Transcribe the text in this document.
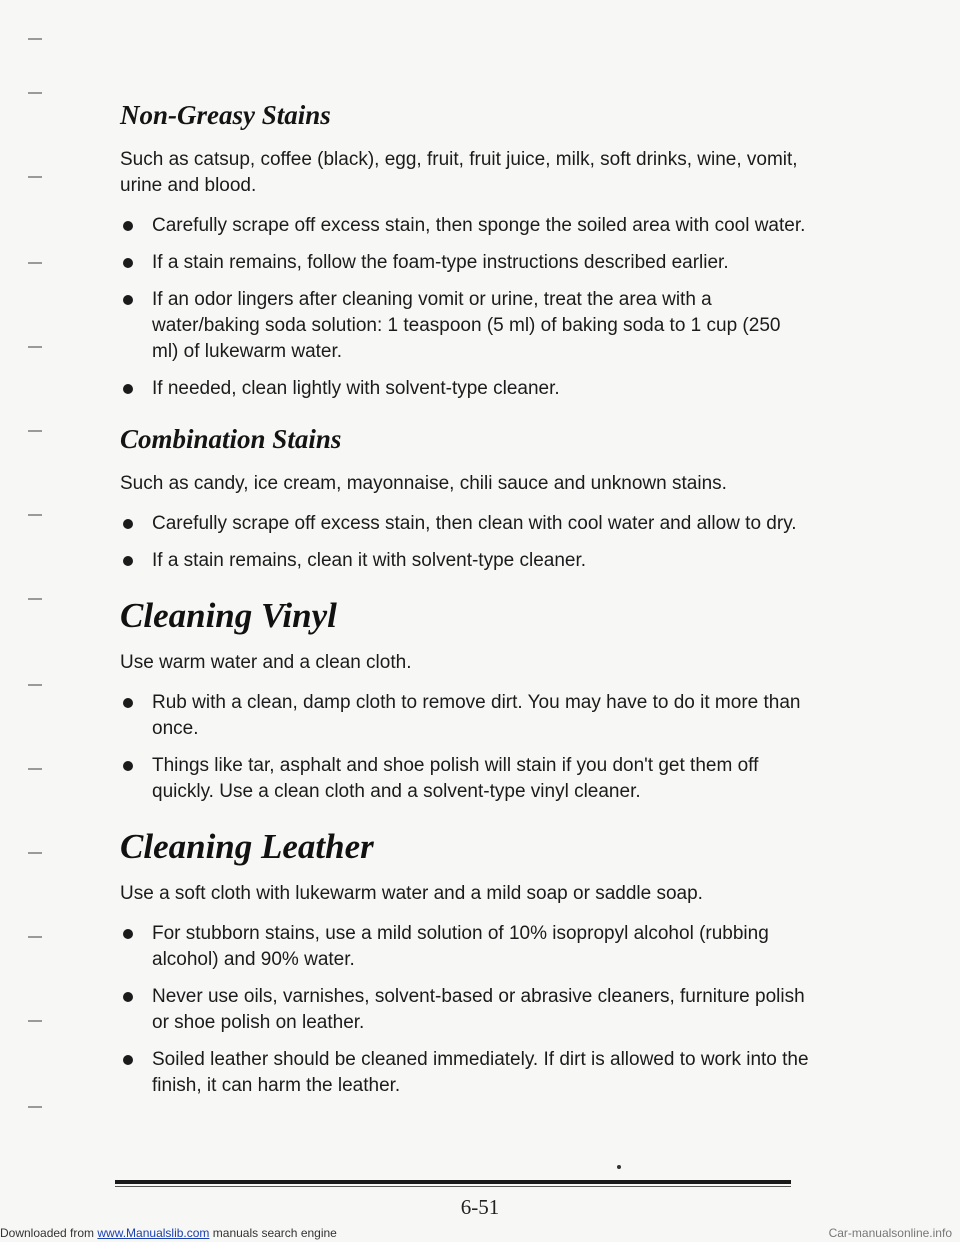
Non-Greasy Stains

Such as catsup, coffee (black), egg, fruit, fruit juice, milk, soft drinks, wine, vomit, urine and blood.

Carefully scrape off excess stain, then sponge the soiled area with cool water.
If a stain remains, follow the foam-type instructions described earlier.
If an odor lingers after cleaning vomit or urine, treat the area with a water/baking soda solution: 1 teaspoon (5 ml) of baking soda to 1 cup (250 ml) of lukewarm water.
If needed, clean lightly with solvent-type cleaner.
Combination Stains

Such as candy, ice cream, mayonnaise, chili sauce and unknown stains.

Carefully scrape off excess stain, then clean with cool water and allow to dry.
If a stain remains, clean it with solvent-type cleaner.
Cleaning Vinyl

Use warm water and a clean cloth.

Rub with a clean, damp cloth to remove dirt. You may have to do it more than once.
Things like tar, asphalt and shoe polish will stain if you don't get them off quickly. Use a clean cloth and a solvent-type vinyl cleaner.
Cleaning Leather

Use a soft cloth with lukewarm water and a mild soap or saddle soap.

For stubborn stains, use a mild solution of 10% isopropyl alcohol (rubbing alcohol) and 90% water.
Never use oils, varnishes, solvent-based or abrasive cleaners, furniture polish or shoe polish on leather.
Soiled leather should be cleaned immediately. If dirt is allowed to work into the finish, it can harm the leather.
6-51
Downloaded from www.Manualslib.com manuals search engine	Car-manualsonline.info
